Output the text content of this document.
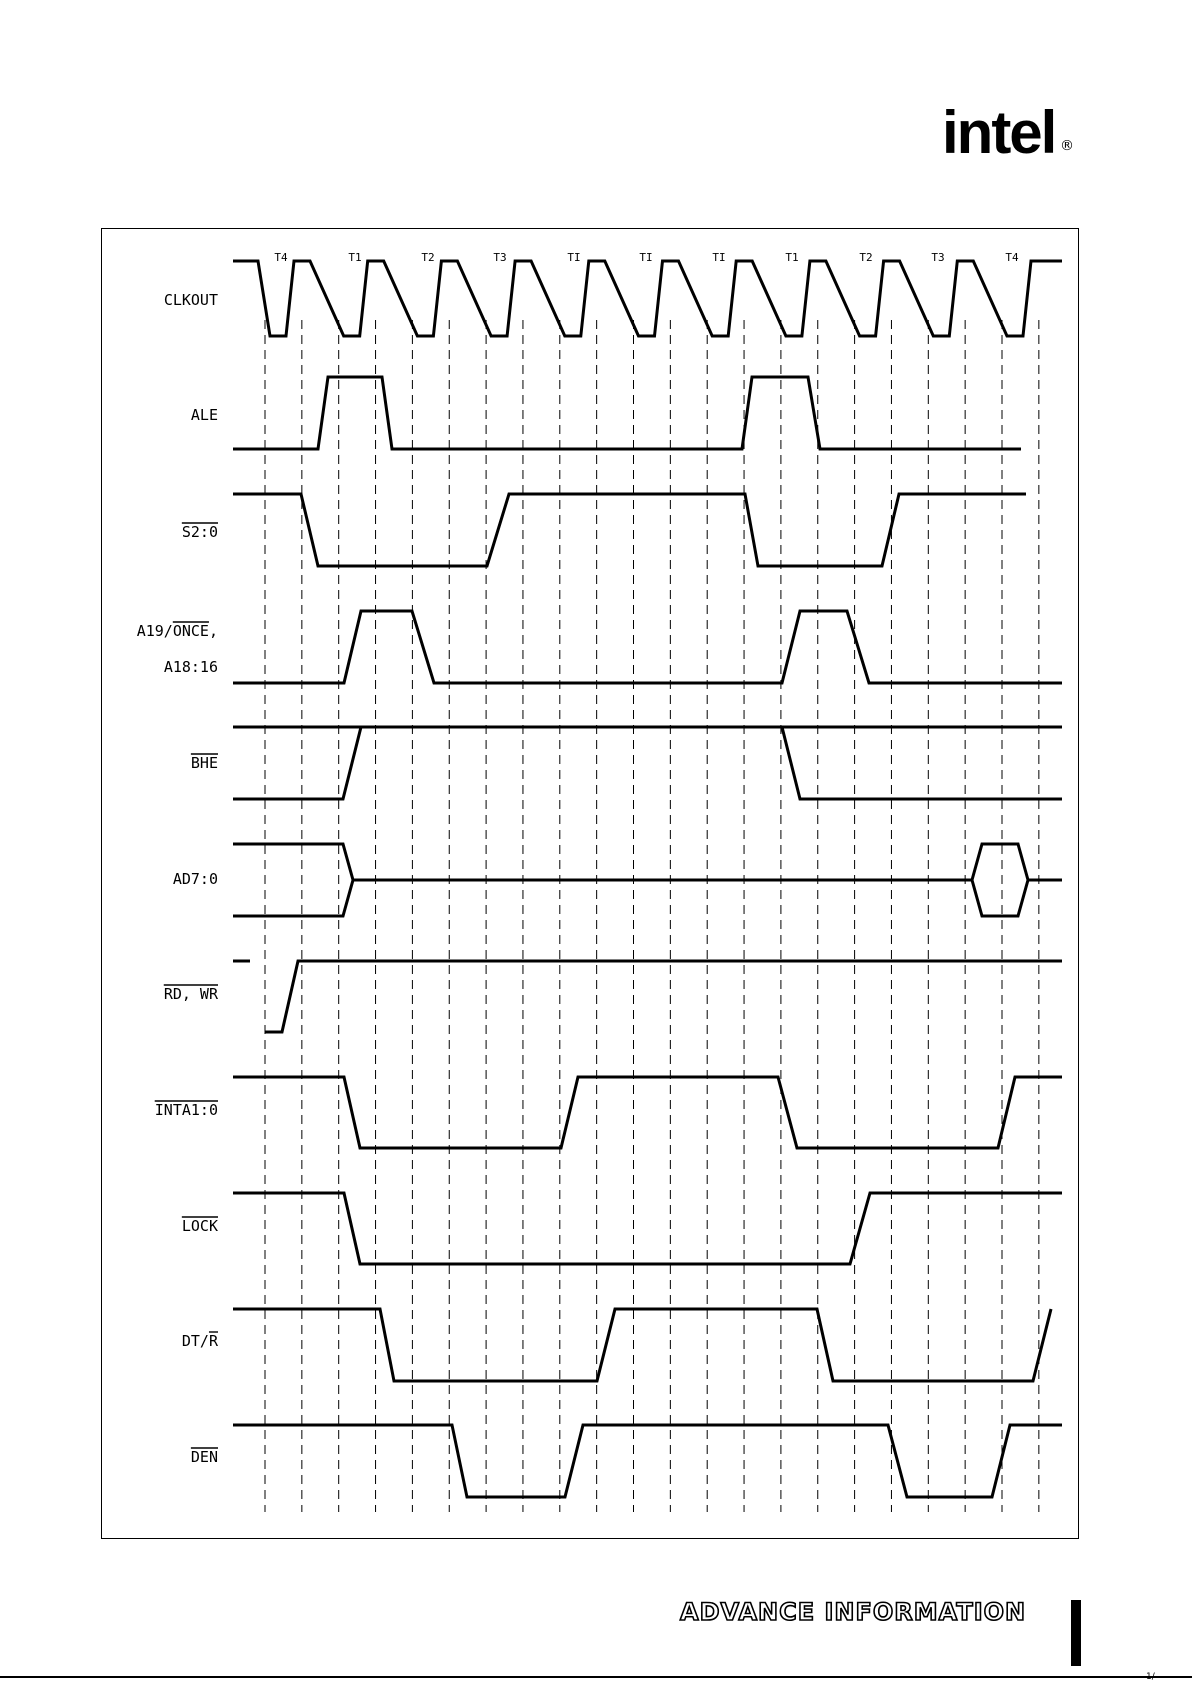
intel ®
T4	T1	T2	T3	TI	TI	TI	T1	T2	T3	T4
CLKOUT
ALE
S2:0
A19/ONCE,
A18:16
BHE
AD7:0
RD, WR
INTA1:0
LOCK
DT/R
DEN
ADVANCE INFORMATION
1/
